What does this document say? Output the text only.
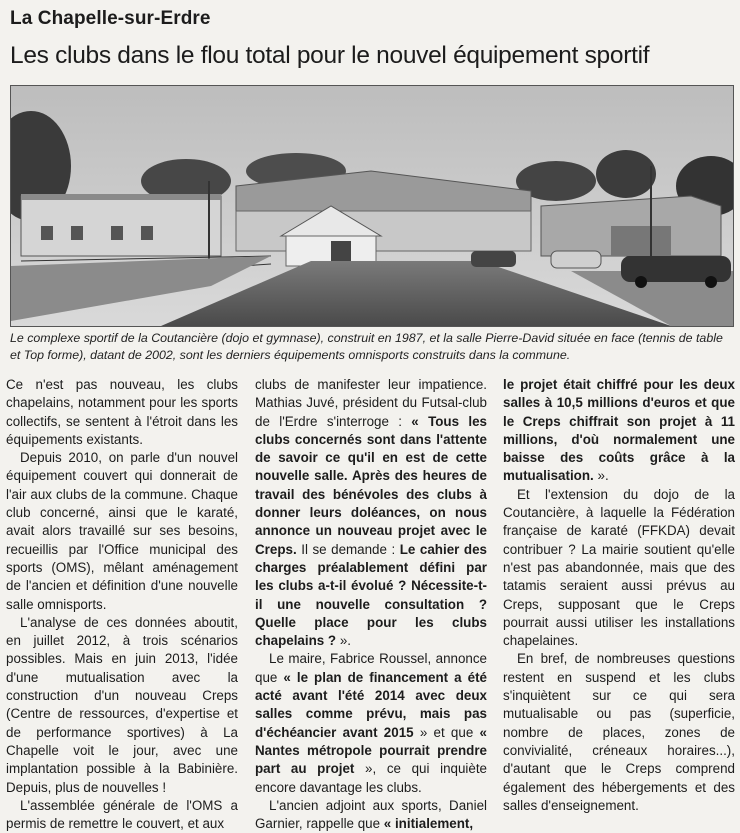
La Chapelle-sur-Erdre
Les clubs dans le flou total pour le nouvel équipement sportif
Le complexe sportif de la Coutancière (dojo et gymnase), construit en 1987, et la salle Pierre-David située en face (tennis de table et Top forme), datant de 2002, sont les derniers équipements omnisports construits dans la commune.

Ce n'est pas nouveau, les clubs chapelains, notamment pour les sports collectifs, se sentent à l'étroit dans les équipements existants.

Depuis 2010, on parle d'un nouvel équipement couvert qui donnerait de l'air aux clubs de la commune. Chaque club concerné, ainsi que le karaté, avait alors travaillé sur ses besoins, recueillis par l'Office municipal des sports (OMS), mêlant aménagement de l'ancien et définition d'une nouvelle salle omnisports.

L'analyse de ces données aboutit, en juillet 2012, à trois scénarios possibles. Mais en juin 2013, l'idée d'une mutualisation avec la construction d'un nouveau Creps (Centre de ressources, d'expertise et de performance sportives) à La Chapelle voit le jour, avec une implantation possible à la Babinière. Depuis, plus de nouvelles !

L'assemblée générale de l'OMS a permis de remettre le couvert, et aux

clubs de manifester leur impatience. Mathias Juvé, président du Futsal-club de l'Erdre s'interroge : « Tous les clubs concernés sont dans l'attente de savoir ce qu'il en est de cette nouvelle salle. Après des heures de travail des bénévoles des clubs à donner leurs doléances, on nous annonce un nouveau projet avec le Creps. Il se demande : Le cahier des charges préalablement défini par les clubs a-t-il évolué ? Nécessite-t-il une nouvelle consultation ? Quelle place pour les clubs chapelains ? ».

Le maire, Fabrice Roussel, annonce que « le plan de financement a été acté avant l'été 2014 avec deux salles comme prévu, mais pas d'échéancier avant 2015 » et que « Nantes métropole pourrait prendre part au projet », ce qui inquiète encore davantage les clubs.

L'ancien adjoint aux sports, Daniel Garnier, rappelle que « initialement,

le projet était chiffré pour les deux salles à 10,5 millions d'euros et que le Creps chiffrait son projet à 11 millions, d'où normalement une baisse des coûts grâce à la mutualisation. ».

Et l'extension du dojo de la Coutancière, à laquelle la Fédération française de karaté (FFKDA) devait contribuer ? La mairie soutient qu'elle n'est pas abandonnée, mais que des tatamis seraient aussi prévus au Creps, supposant que le Creps pourrait aussi utiliser les installations chapelaines.

En bref, de nombreuses questions restent en suspend et les clubs s'inquiètent sur ce qui sera mutualisable ou pas (superficie, nombre de places, zones de convivialité, créneaux horaires...), d'autant que le Creps comprend également des hébergements et des salles d'enseignement.
